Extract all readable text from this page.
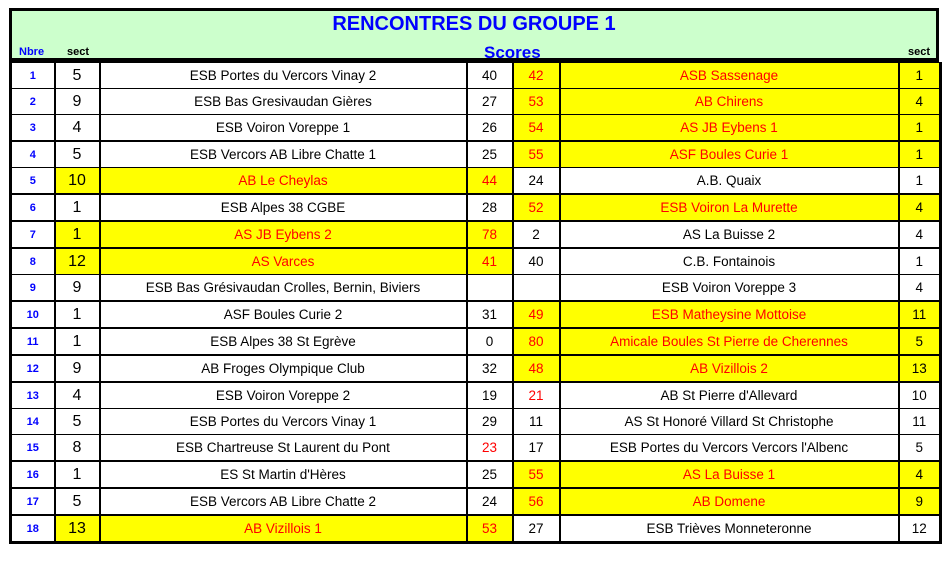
RENCONTRES DU GROUPE 1
Nbre sect	Scores	sect
1	5	ESB Portes du Vercors Vinay 2	40	42	ASB Sassenage	1
2	9	ESB Bas Gresivaudan Gières	27	53	AB Chirens	4
3	4	ESB Voiron Voreppe 1	26	54	AS JB Eybens 1	1
4	5	ESB Vercors AB Libre Chatte 1	25	55	ASF Boules Curie 1	1
5	10	AB Le Cheylas	44	24	A.B. Quaix	1
6	1	ESB Alpes 38 CGBE	28	52	ESB Voiron La Murette	4
7	1	AS JB Eybens 2	78	2	AS La Buisse 2	4
8	12	AS Varces	41	40	C.B. Fontainois	1
9	9	ESB Bas Grésivaudan Crolles, Bernin, Biviers			ESB Voiron Voreppe 3	4
10	1	ASF Boules Curie 2	31	49	ESB Matheysine Mottoise	11
11	1	ESB Alpes 38 St Egrève	0	80	Amicale Boules St Pierre de Cherennes	5
12	9	AB Froges Olympique Club	32	48	AB Vizillois 2	13
13	4	ESB Voiron Voreppe 2	19	21	AB St Pierre d'Allevard	10
14	5	ESB Portes du Vercors Vinay 1	29	11	AS St Honoré Villard St Christophe	11
15	8	ESB Chartreuse St Laurent du Pont	23	17	ESB Portes du Vercors Vercors l'Albenc	5
16	1	ES St Martin d'Hères	25	55	AS La Buisse 1	4
17	5	ESB Vercors AB Libre Chatte 2	24	56	AB Domene	9
18	13	AB Vizillois 1	53	27	ESB Trièves Monneteronne	12
